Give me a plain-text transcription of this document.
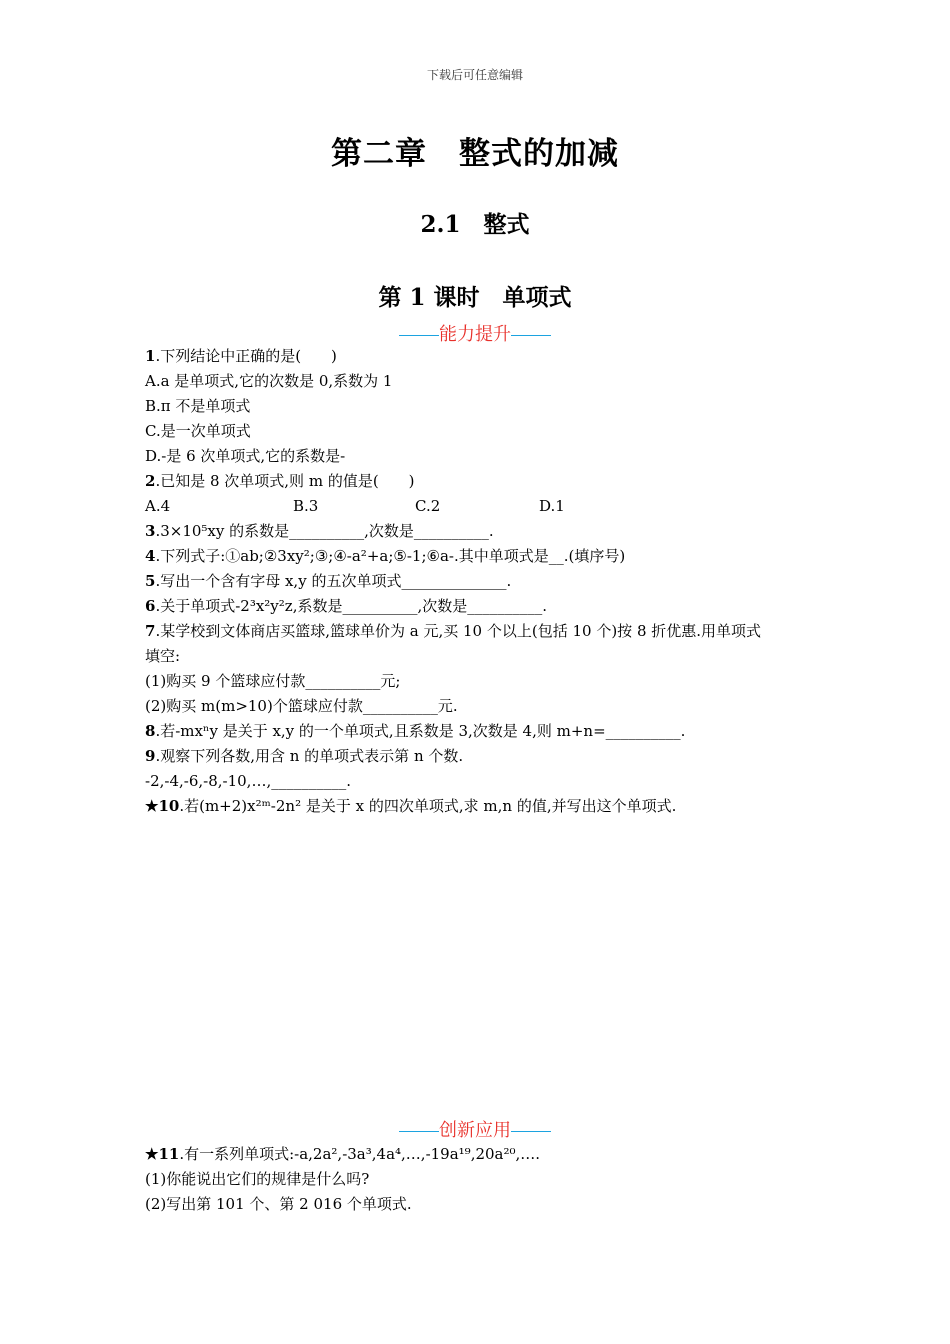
下载后可任意编辑
第二章　整式的加减
2.1　整式
第 1 课时　单项式
能力提升
1.下列结论中正确的是(　　)
A.a 是单项式,它的次数是 0,系数为 1
B.π 不是单项式
C.是一次单项式
D.-是 6 次单项式,它的系数是-
2.已知是 8 次单项式,则 m 的值是(　　)
A.4	B.3	C.2	D.1
3.3×10⁵xy 的系数是__________,次数是__________.
4.下列式子:①ab;②3xy²;③;④-a²+a;⑤-1;⑥a-.其中单项式是__.(填序号)
5.写出一个含有字母 x,y 的五次单项式______________.
6.关于单项式-2³x²y²z,系数是__________,次数是__________.
7.某学校到文体商店买篮球,篮球单价为 a 元,买 10 个以上(包括 10 个)按 8 折优惠.用单项式
填空:
(1)购买 9 个篮球应付款__________元;
(2)购买 m(m>10)个篮球应付款__________元.
8.若-mxⁿy 是关于 x,y 的一个单项式,且系数是 3,次数是 4,则 m+n=__________.
9.观察下列各数,用含 n 的单项式表示第 n 个数.
-2,-4,-6,-8,-10,…,__________.
★10.若(m+2)x²ᵐ-2n² 是关于 x 的四次单项式,求 m,n 的值,并写出这个单项式.
创新应用
★11.有一系列单项式:-a,2a²,-3a³,4a⁴,…,-19a¹⁹,20a²⁰,….
(1)你能说出它们的规律是什么吗?
(2)写出第 101 个、第 2 016 个单项式.
